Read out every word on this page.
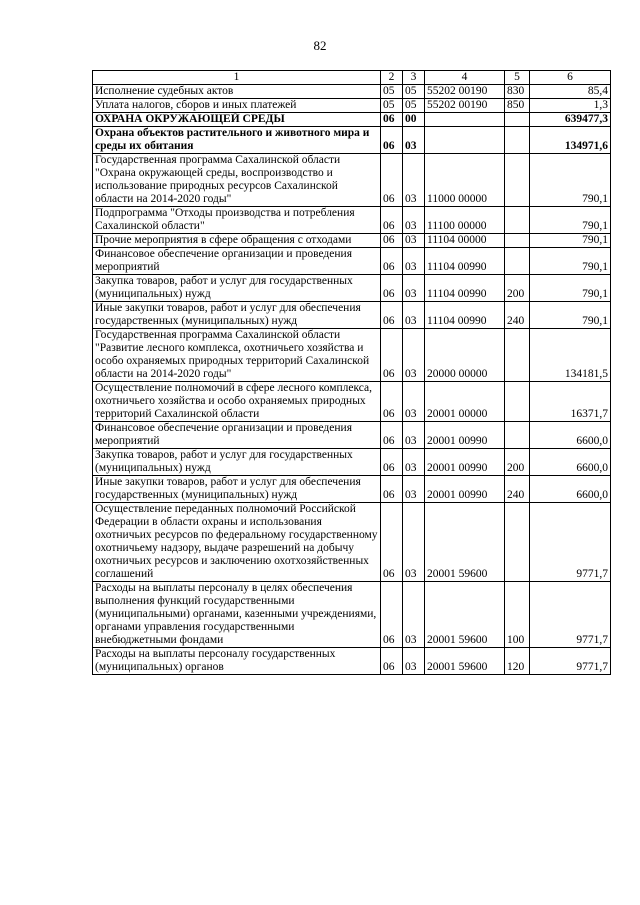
82
1	2	3	4	5	6
Исполнение судебных актов	05	05	55202 00190	830	85,4
Уплата налогов, сборов и иных платежей	05	05	55202 00190	850	1,3
ОХРАНА ОКРУЖАЮЩЕЙ СРЕДЫ	06	00			639477,3
Охрана объектов растительного и животного мира и среды их обитания	06	03			134971,6
Государственная программа Сахалинской области "Охрана окружающей среды, воспроизводство и использование природных ресурсов Сахалинской области на 2014-2020 годы"	06	03	11000 00000		790,1
Подпрограмма "Отходы производства и потребления Сахалинской области"	06	03	11100 00000		790,1
Прочие мероприятия в сфере обращения с отходами	06	03	11104 00000		790,1
Финансовое обеспечение организации и проведения мероприятий	06	03	11104 00990		790,1
Закупка товаров, работ и услуг для государственных (муниципальных) нужд	06	03	11104 00990	200	790,1
Иные закупки товаров, работ и услуг для обеспечения государственных (муниципальных) нужд	06	03	11104 00990	240	790,1
Государственная программа Сахалинской области "Развитие лесного комплекса, охотничьего хозяйства и особо охраняемых природных территорий Сахалинской области на 2014-2020 годы"	06	03	20000 00000		134181,5
Осуществление полномочий в сфере лесного комплекса, охотничьего хозяйства и особо охраняемых природных территорий Сахалинской области	06	03	20001 00000		16371,7
Финансовое обеспечение организации и проведения мероприятий	06	03	20001 00990		6600,0
Закупка товаров, работ и услуг для государственных (муниципальных) нужд	06	03	20001 00990	200	6600,0
Иные закупки товаров, работ и услуг для обеспечения государственных (муниципальных) нужд	06	03	20001 00990	240	6600,0
Осуществление переданных полномочий Российской Федерации в области охраны и использования охотничьих ресурсов по федеральному государственному охотничьему надзору, выдаче разрешений на добычу охотничьих ресурсов и заключению охотхозяйственных соглашений	06	03	20001 59600		9771,7
Расходы на выплаты персоналу в целях обеспечения выполнения функций государственными (муниципальными) органами, казенными учреждениями, органами управления государственными внебюджетными фондами	06	03	20001 59600	100	9771,7
Расходы на выплаты персоналу государственных (муниципальных) органов	06	03	20001 59600	120	9771,7
